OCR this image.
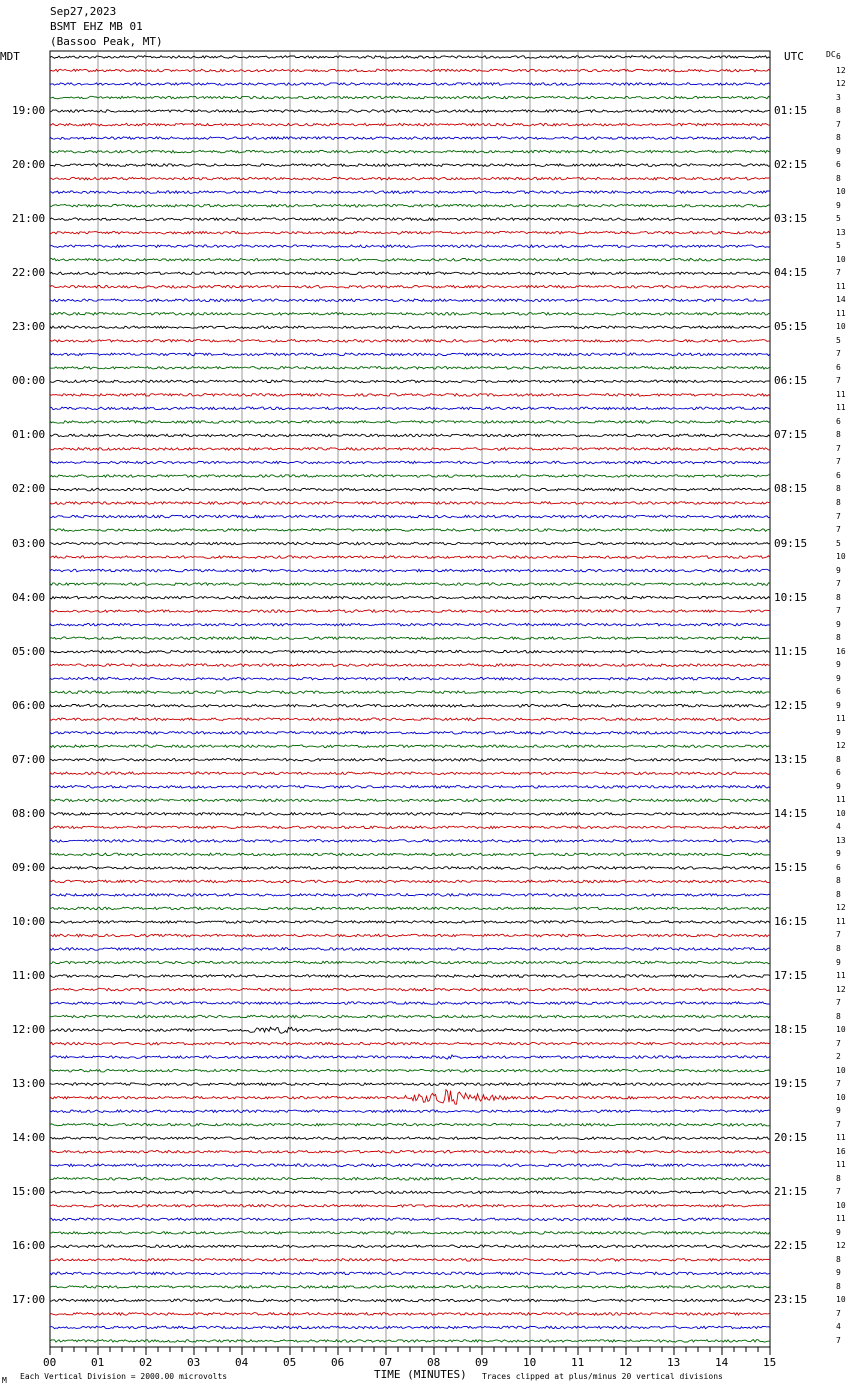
Sep27,2023
BSMT EHZ MB 01
(Bassoo Peak, MT)
MDT	UTC	DC
19:00
20:00
21:00
22:00
23:00
00:00
01:00
02:00
03:00
04:00
05:00
06:00
07:00
08:00
09:00
10:00
11:00
12:00
13:00
14:00
15:00
16:00
17:00
01:15
02:15
03:15
04:15
05:15
06:15
07:15
08:15
09:15
10:15
11:15
12:15
13:15
14:15
15:15
16:15
17:15
18:15
19:15
20:15
21:15
22:15
23:15
6
12
12
3
8
7
8
9
6
8
10
9
5
13
5
10
7
11
14
11
10
5
7
6
7
11
11
6
8
7
7
6
8
8
7
7
5
10
9
7
8
7
9
8
16
9
9
6
9
11
9
12
8
6
9
11
10
4
13
9
6
8
8
12
11
7
8
9
11
12
7
8
10
7
2
10
7
10
9
7
11
16
11
8
7
10
11
9
12
8
9
8
10
7
4
7
00	01	02	03	04	05	06	07	08	09	10	11	12	13	14	15
M Each Vertical Division = 2000.00 microvolts	TIME (MINUTES) Traces clipped at plus/minus 20 vertical divisions
